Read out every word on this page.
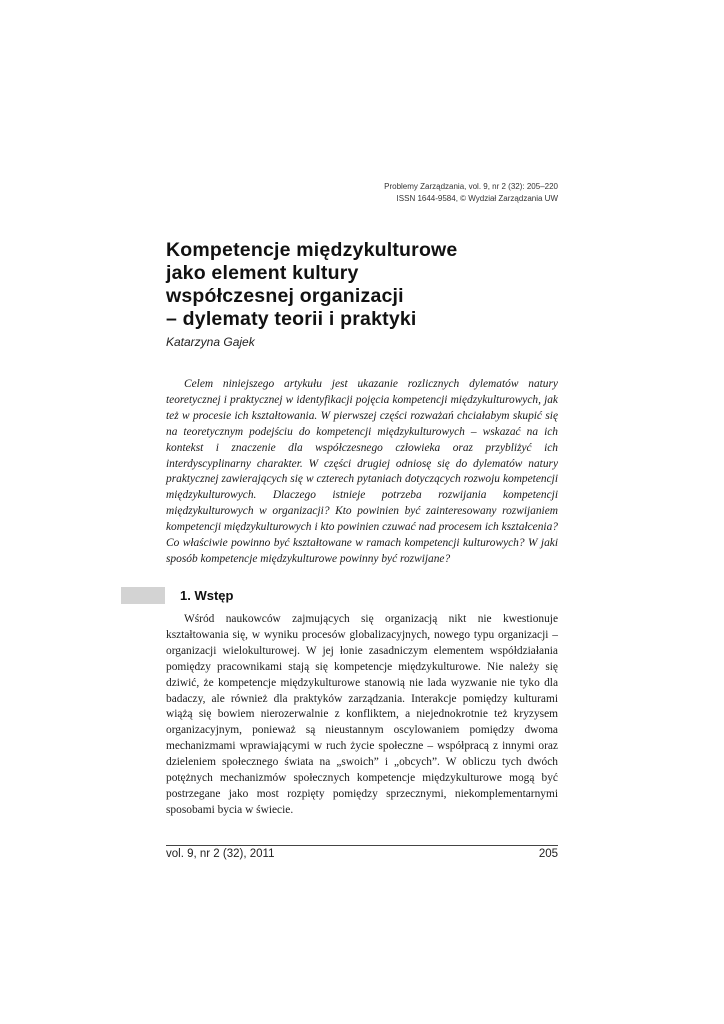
Problemy Zarządzania, vol. 9, nr 2 (32): 205–220
ISSN 1644-9584, © Wydział Zarządzania UW
Kompetencje międzykulturowe
jako element kultury
współczesnej organizacji
– dylematy teorii i praktyki
Katarzyna Gajek

Celem niniejszego artykułu jest ukazanie rozlicznych dylematów natury teoretycznej i praktycznej w identyfikacji pojęcia kompetencji międzykulturowych, jak też w procesie ich kształtowania. W pierwszej części rozważań chciałabym skupić się na teoretycznym podejściu do kompetencji międzykulturowych – wskazać na ich kontekst i znaczenie dla współczesnego człowieka oraz przybliżyć ich interdyscyplinarny charakter. W części drugiej odniosę się do dylematów natury praktycznej zawierających się w czterech pytaniach dotyczących rozwoju kompetencji międzykulturowych. Dlaczego istnieje potrzeba rozwijania kompetencji międzykulturowych w organizacji? Kto powinien być zainteresowany rozwijaniem kompetencji międzykulturowych i kto powinien czuwać nad procesem ich kształcenia? Co właściwie powinno być kształtowane w ramach kompetencji kulturowych? W jaki sposób kompetencje międzykulturowe powinny być rozwijane?

1. Wstęp

Wśród naukowców zajmujących się organizacją nikt nie kwestionuje kształtowania się, w wyniku procesów globalizacyjnych, nowego typu organizacji – organizacji wielokulturowej. W jej łonie zasadniczym elementem współdziałania pomiędzy pracownikami stają się kompetencje międzykulturowe. Nie należy się dziwić, że kompetencje międzykulturowe stanowią nie lada wyzwanie nie tyko dla badaczy, ale również dla praktyków zarządzania. Interakcje pomiędzy kulturami wiążą się bowiem nierozerwalnie z konfliktem, a niejednokrotnie też kryzysem organizacyjnym, ponieważ są nieustannym oscylowaniem pomiędzy dwoma mechanizmami wprawiającymi w ruch życie społeczne – współpracą z innymi oraz dzieleniem społecznego świata na „swoich” i „obcych”. W obliczu tych dwóch potężnych mechanizmów społecznych kompetencje międzykulturowe mogą być postrzegane jako most rozpięty pomiędzy sprzecznymi, niekomplementarnymi sposobami bycia w świecie.

vol. 9, nr 2 (32), 2011	205
